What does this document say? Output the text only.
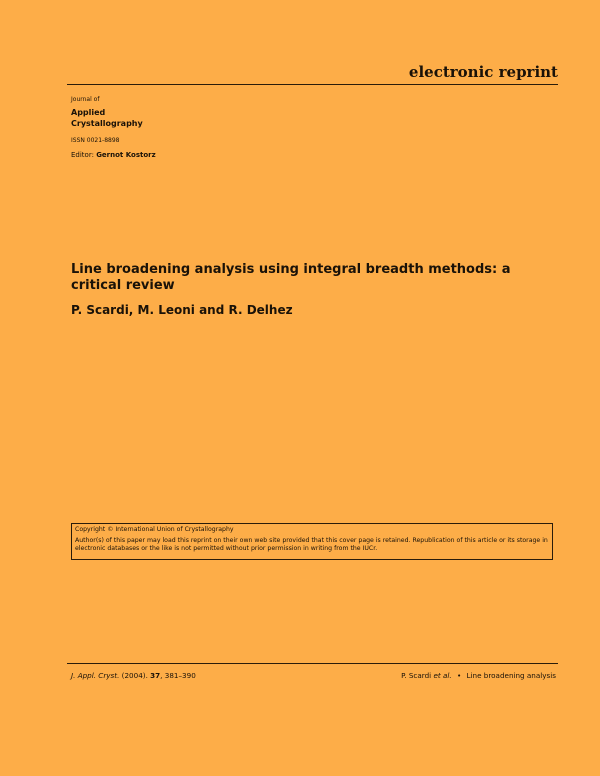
electronic reprint
Journal of
Applied
Crystallography
ISSN 0021-8898
Editor: Gernot Kostorz
Line broadening analysis using integral breadth methods: a critical review
P. Scardi, M. Leoni and R. Delhez
Copyright © International Union of Crystallography
Author(s) of this paper may load this reprint on their own web site provided that this cover page is retained. Republication of this article or its storage in electronic databases or the like is not permitted without prior permission in writing from the IUCr.
J. Appl. Cryst. (2004). 37, 381–390	P. Scardi et al. • Line broadening analysis
